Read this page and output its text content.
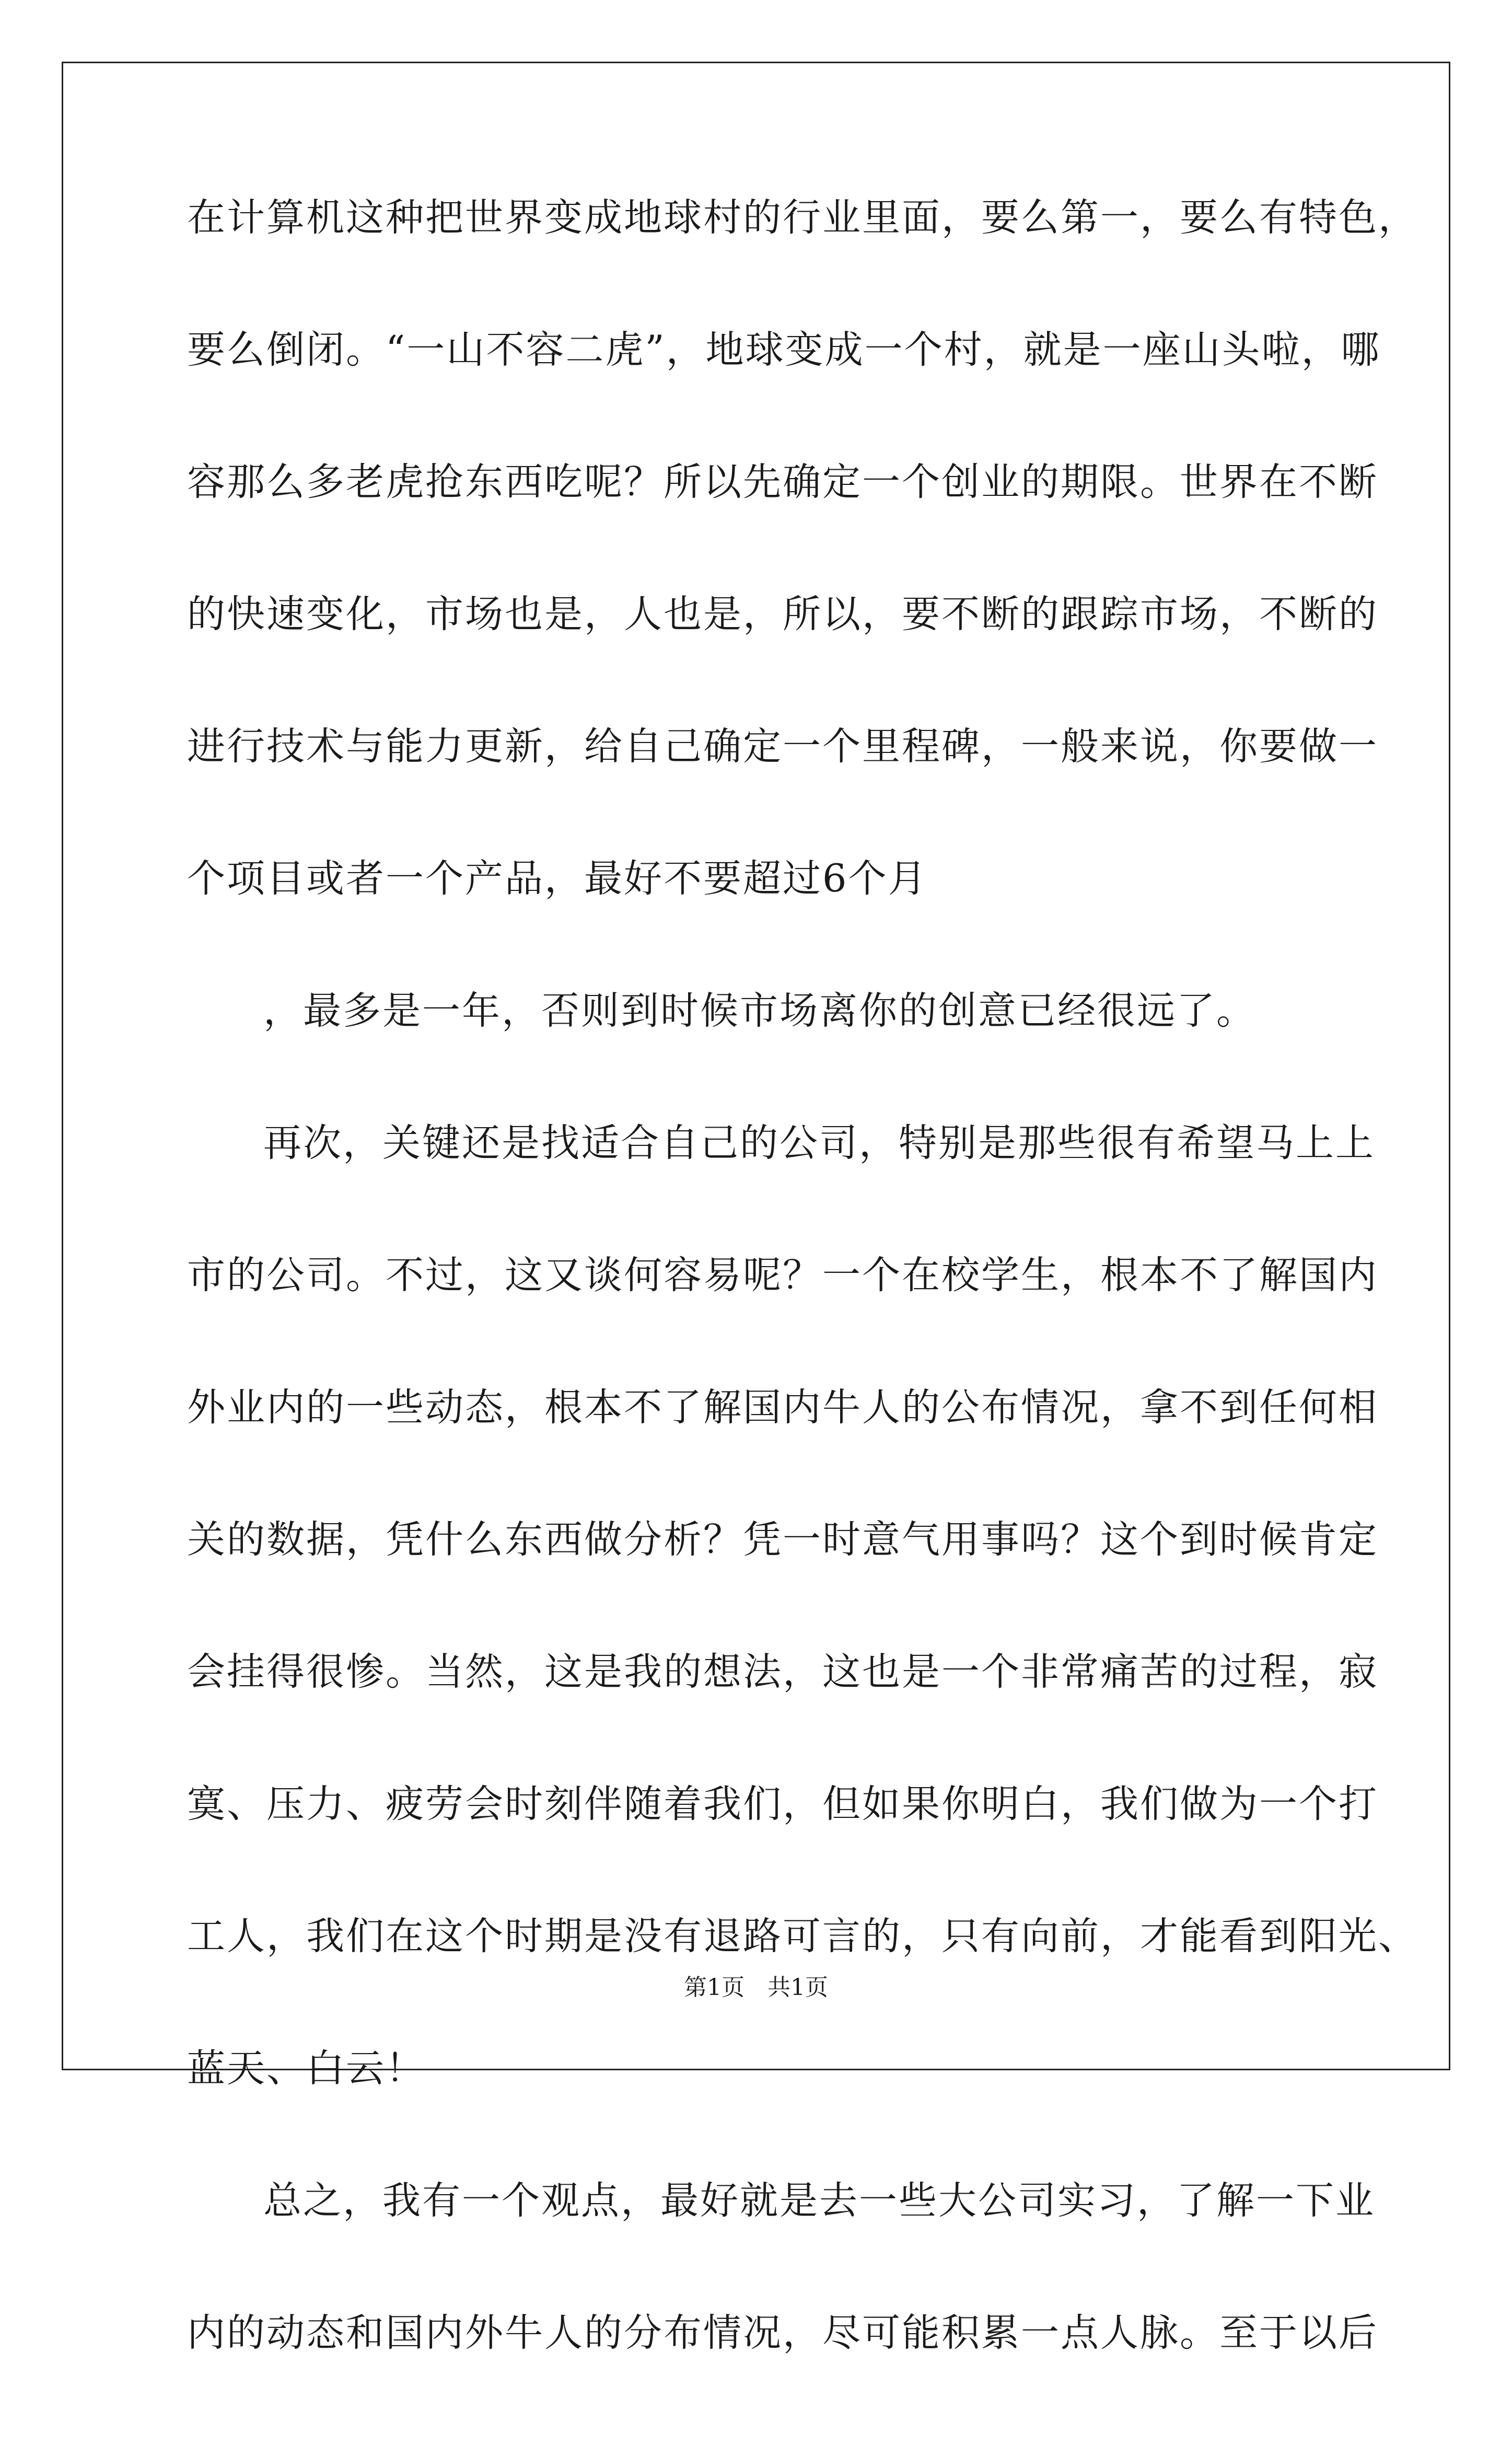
在计算机这种把世界变成地球村的行业里面，要么第一，要么有特色，
要么倒闭。“一山不容二虎”，地球变成一个村，就是一座山头啦，哪
容那么多老虎抢东西吃呢？所以先确定一个创业的期限。世界在不断
的快速变化，市场也是，人也是，所以，要不断的跟踪市场，不断的
进行技术与能力更新，给自己确定一个里程碑，一般来说，你要做一
个项目或者一个产品，最好不要超过6个月
，最多是一年，否则到时候市场离你的创意已经很远了。
再次，关键还是找适合自己的公司，特别是那些很有希望马上上
市的公司。不过，这又谈何容易呢？一个在校学生，根本不了解国内
外业内的一些动态，根本不了解国内牛人的公布情况，拿不到任何相
关的数据，凭什么东西做分析？凭一时意气用事吗？这个到时候肯定
会挂得很惨。当然，这是我的想法，这也是一个非常痛苦的过程，寂
寞、压力、疲劳会时刻伴随着我们，但如果你明白，我们做为一个打
工人，我们在这个时期是没有退路可言的，只有向前，才能看到阳光、
蓝天、白云！
总之，我有一个观点，最好就是去一些大公司实习，了解一下业
内的动态和国内外牛人的分布情况，尽可能积累一点人脉。至于以后
第1页 共1页
